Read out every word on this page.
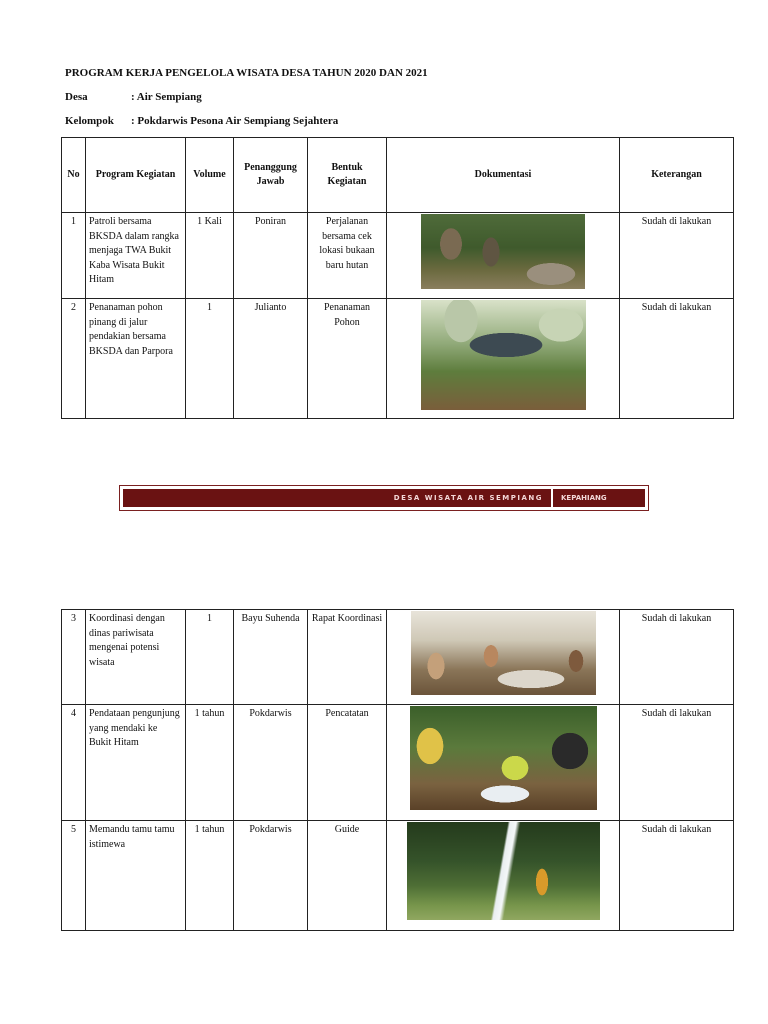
PROGRAM KERJA PENGELOLA WISATA DESA TAHUN 2020 DAN 2021
Desa	: Air Sempiang
Kelompok : Pokdarwis Pesona Air Sempiang Sejahtera
No	Program Kegiatan	Volume	Penanggung Jawab	Bentuk Kegiatan	Dokumentasi	Keterangan
1	Patroli bersama BKSDA dalam rangka menjaga TWA Bukit Kaba Wisata Bukit Hitam	1 Kali	Poniran	Perjalanan bersama cek lokasi bukaan baru hutan		Sudah di lakukan
2	Penanaman pohon pinang di jalur pendakian bersama BKSDA dan Parpora	1	Julianto	Penanaman Pohon		Sudah di lakukan
DESA WISATA AIR SEMPIANG	KEPAHIANG
3	Koordinasi dengan dinas pariwisata mengenai potensi wisata	1	Bayu Suhenda	Rapat Koordinasi		Sudah di lakukan
4	Pendataan pengunjung yang mendaki ke Bukit Hitam	1 tahun	Pokdarwis	Pencatatan		Sudah di lakukan
5	Memandu tamu tamu istimewa	1 tahun	Pokdarwis	Guide		Sudah di lakukan
